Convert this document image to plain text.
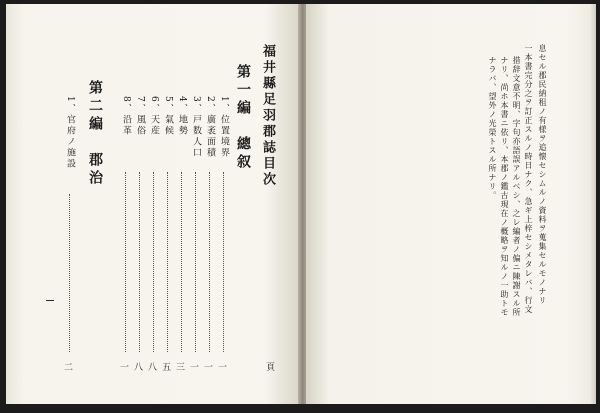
福井縣足羽郡誌目次
頁
第一編　總叙
1、位置境界
一
2、廣袤面積
一
3、戸数人口
一
4、地勢
三
5、氣候
五
6、天産
八
7、風俗
八
8、沿革
一
第二編　郡治
1、官府ノ施設
二
息セル郡民納租ノ有様ヲ追懐セシムルノ資料ヲ蒐集セルモノナリ
一本書完分之ヲ訂正スルノ時日ナク、急ギ上梓セシメタレバ、行文
措辞文意不明、字句亦語誤アルベシ、之レ編者ノ偏ニ陳謝スル所
ナリ、尚ホ本書ニ依リ、本郡ノ鑑古現在ノ概略ヲ知ルノ一助トモ
ナラバ、望外ノ光榮トスル所ナリ。
